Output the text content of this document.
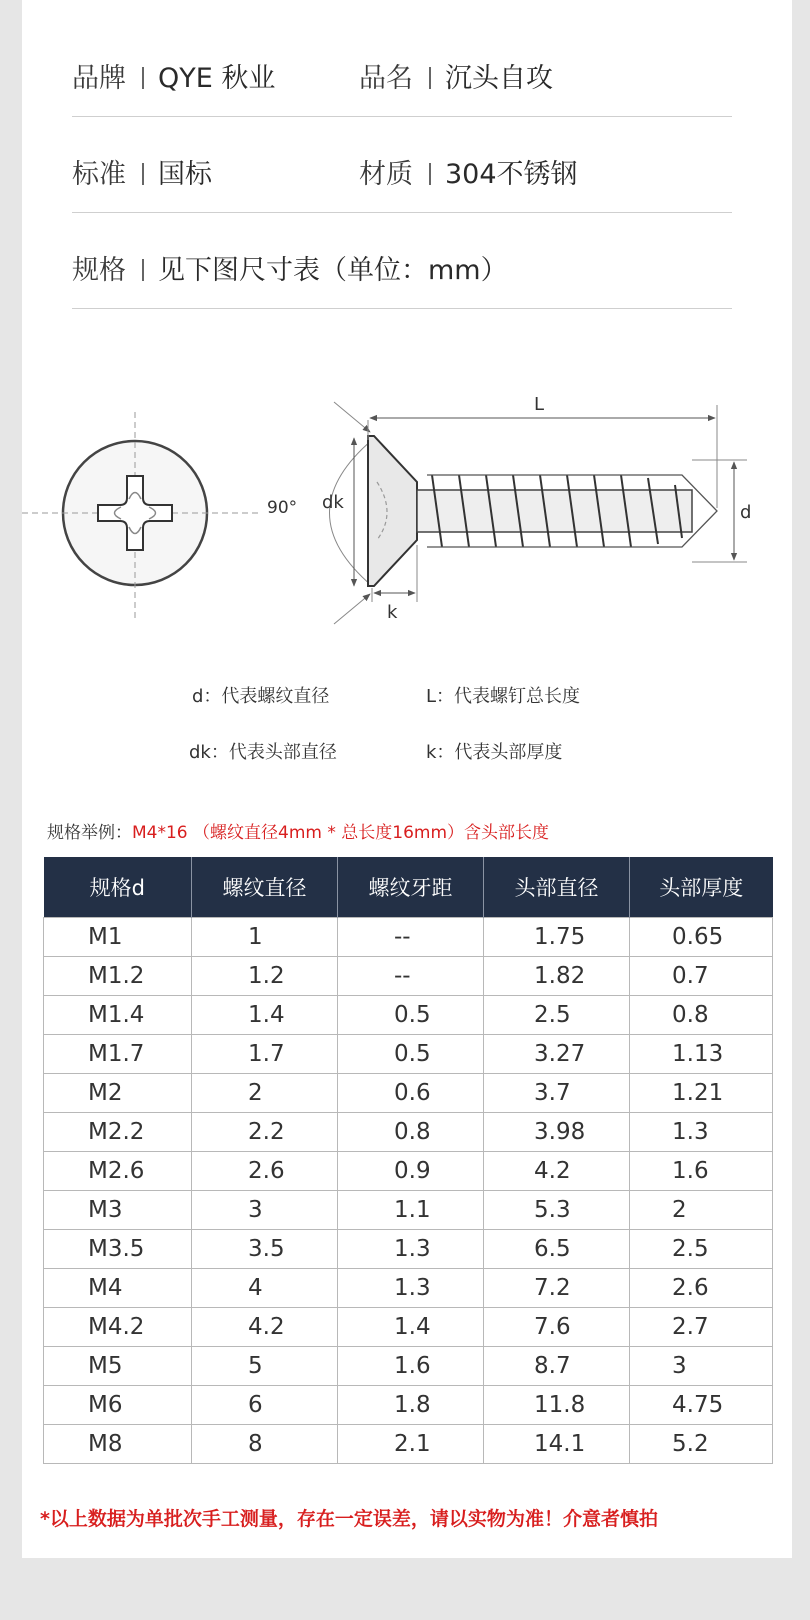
品牌 QYE 秋业	品名 沉头自攻
标准 国标	材质 304不锈钢
规格 见下图尺寸表（单位：mm）
90° dk
L
d
k
d：代表螺纹直径	L：代表螺钉总长度
dk：代表头部直径	k：代表头部厚度
规格举例：M4*16 （螺纹直径4mm * 总长度16mm）含头部长度
规格d	螺纹直径	螺纹牙距	头部直径	头部厚度
M1	1	--	1.75	0.65
M1.2	1.2	--	1.82	0.7
M1.4	1.4	0.5	2.5	0.8
M1.7	1.7	0.5	3.27	1.13
M2	2	0.6	3.7	1.21
M2.2	2.2	0.8	3.98	1.3
M2.6	2.6	0.9	4.2	1.6
M3	3	1.1	5.3	2
M3.5	3.5	1.3	6.5	2.5
M4	4	1.3	7.2	2.6
M4.2	4.2	1.4	7.6	2.7
M5	5	1.6	8.7	3
M6	6	1.8	11.8	4.75
M8	8	2.1	14.1	5.2
*以上数据为单批次手工测量，存在一定误差，请以实物为准！介意者慎拍
